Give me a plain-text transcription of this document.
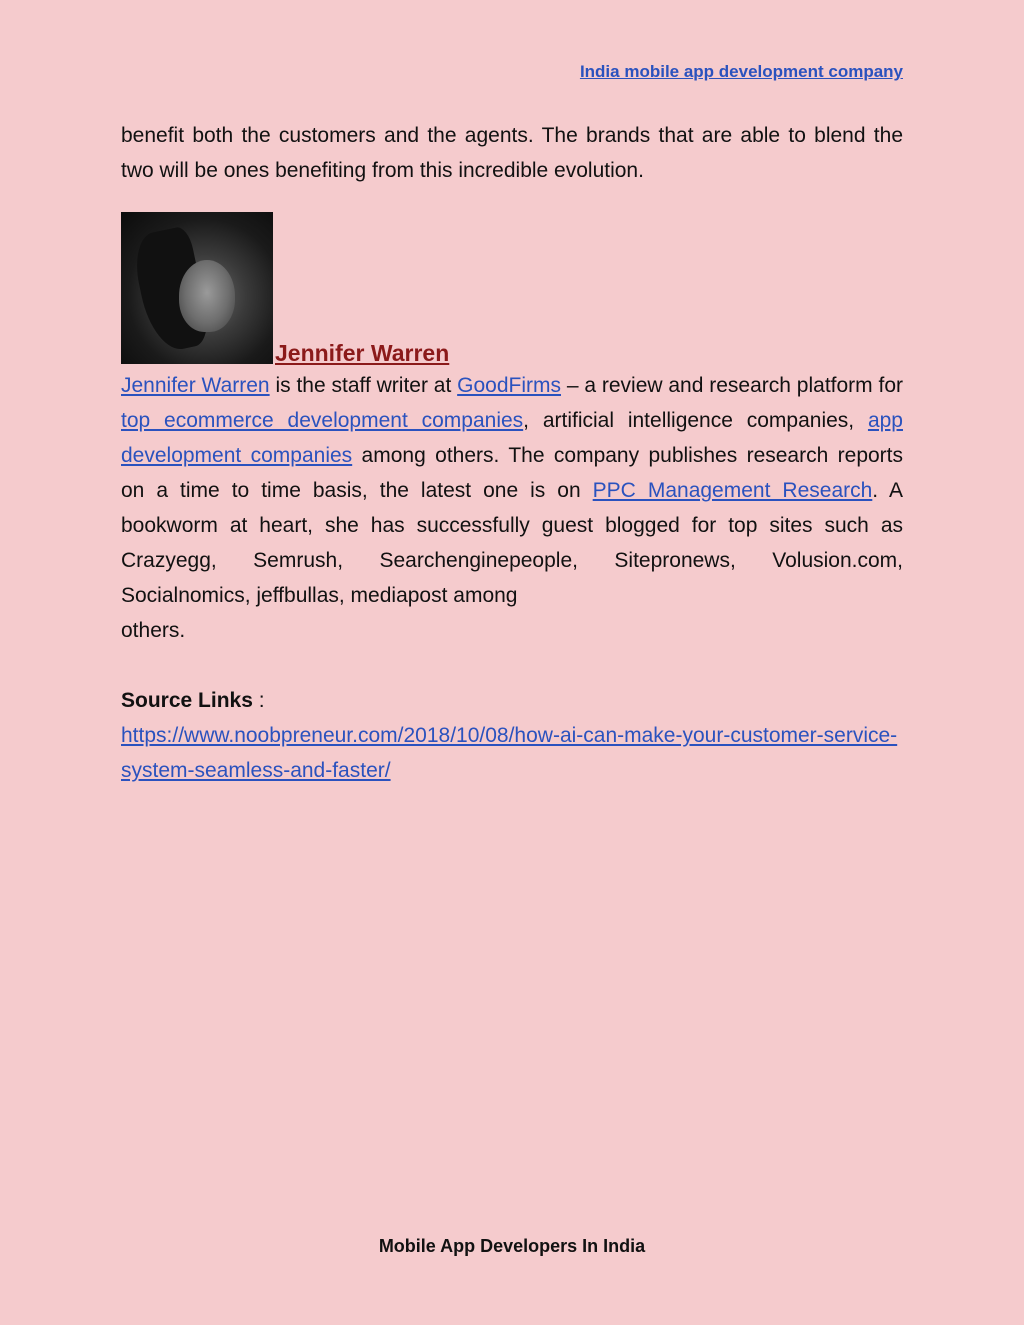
India mobile app development company

benefit both the customers and the agents. The brands that are able to blend the two will be ones benefiting from this incredible evolution.

Jennifer Warren

Jennifer Warren is the staff writer at GoodFirms – a review and research platform for top ecommerce development companies, artificial intelligence companies, app development companies among others. The company publishes research reports on a time to time basis, the latest one is on PPC Management Research. A bookworm at heart, she has successfully guest blogged for top sites such as Crazyegg, Semrush, Searchenginepeople, Sitepronews, Volusion.com, Socialnomics, jeffbullas, mediapost among

others.

Source Links :
https://www.noobpreneur.com/2018/10/08/how-ai-can-make-your-customer-service-system-seamless-and-faster/
Mobile App Developers In India
